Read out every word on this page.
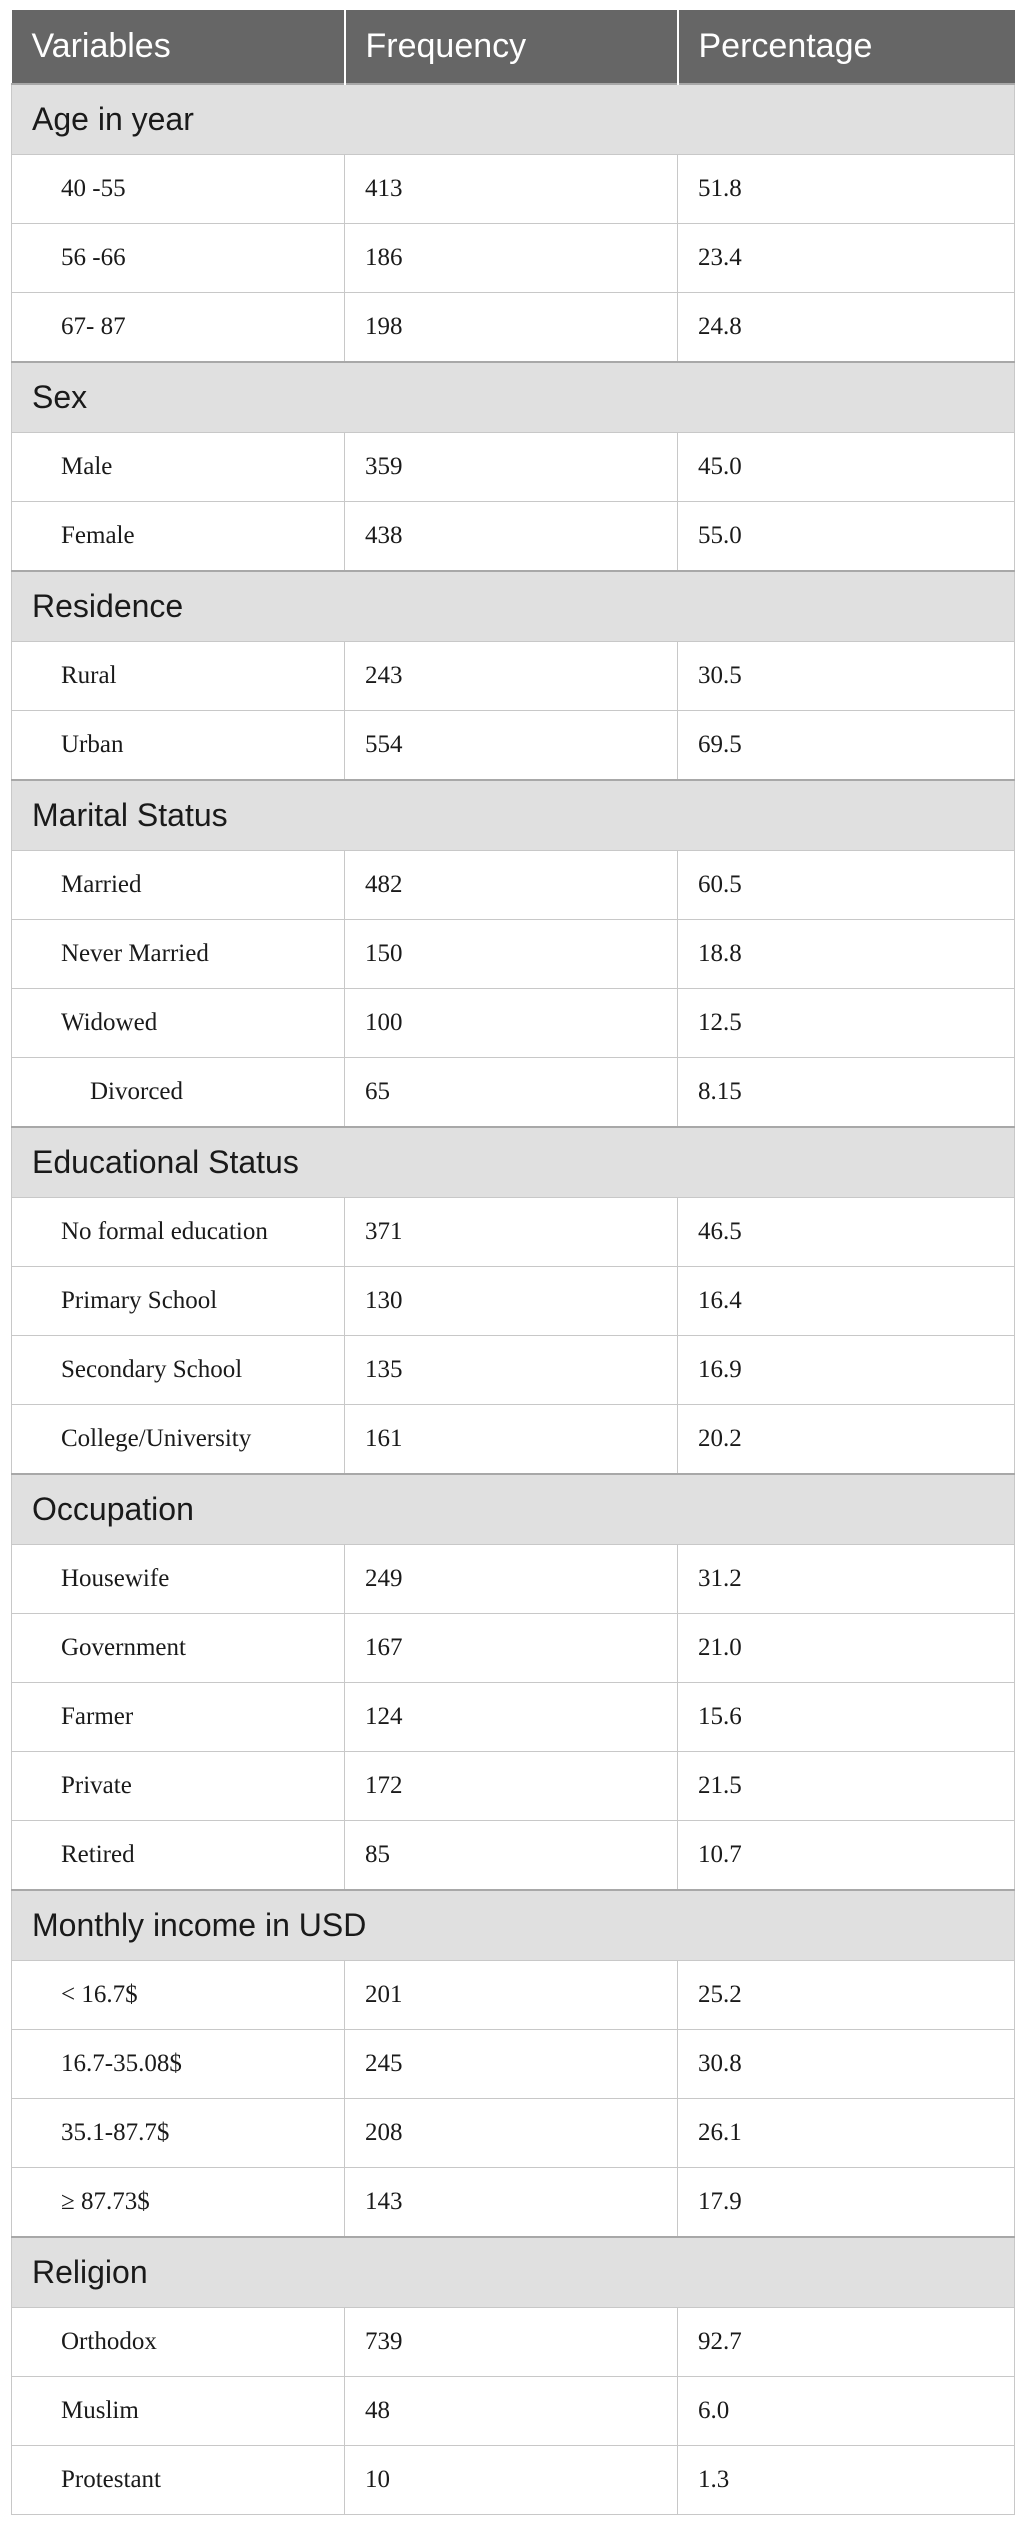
Variables	Frequency	Percentage
Age in year		
40 -55	413	51.8
56 -66	186	23.4
67- 87	198	24.8
Sex		
Male	359	45.0
Female	438	55.0
Residence		
Rural	243	30.5
Urban	554	69.5
Marital Status		
Married	482	60.5
Never Married	150	18.8
Widowed	100	12.5
Divorced	65	8.15
Educational Status		
No formal education	371	46.5
Primary School	130	16.4
Secondary School	135	16.9
College/University	161	20.2
Occupation		
Housewife	249	31.2
Government	167	21.0
Farmer	124	15.6
Private	172	21.5
Retired	85	10.7
Monthly income in USD		
< 16.7$	201	25.2
16.7-35.08$	245	30.8
35.1-87.7$	208	26.1
≥ 87.73$	143	17.9
Religion		
Orthodox	739	92.7
Muslim	48	6.0
Protestant	10	1.3
